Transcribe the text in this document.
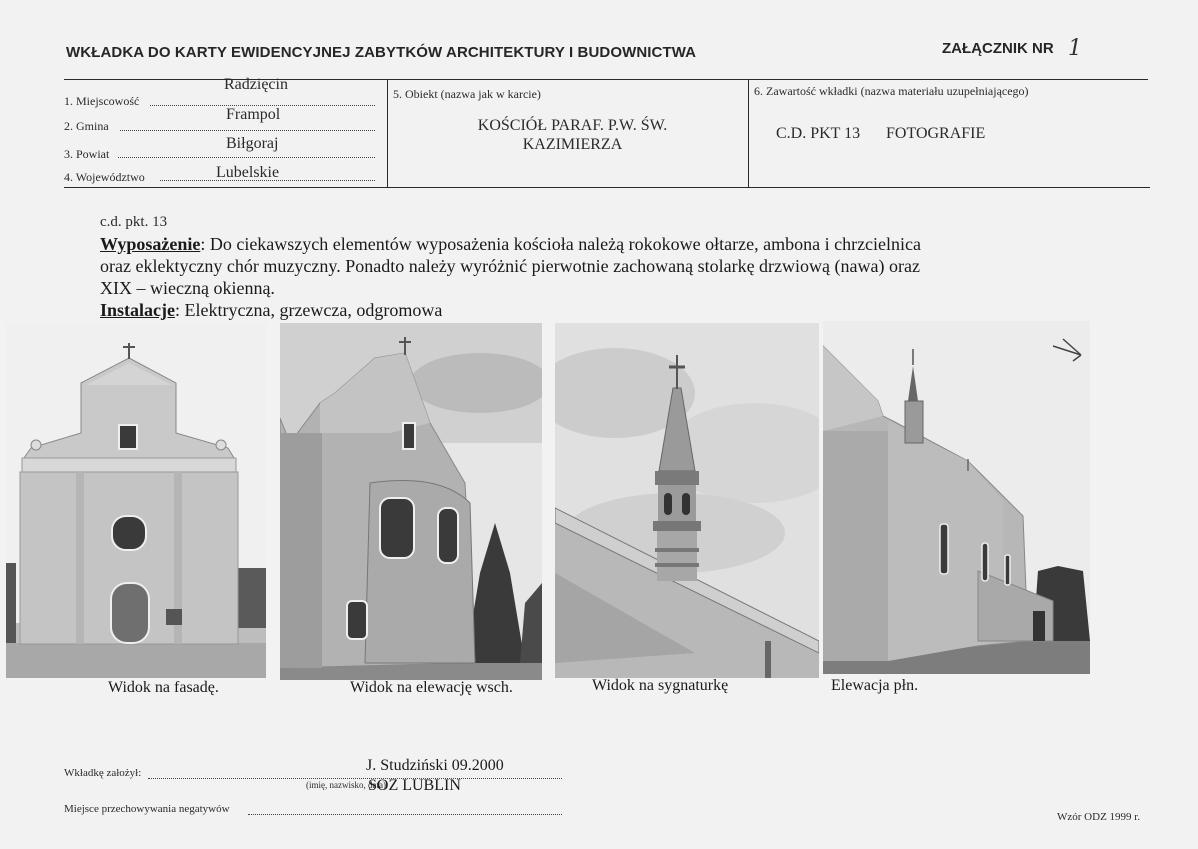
WKŁADKA DO KARTY EWIDENCYJNEJ ZABYTKÓW ARCHITEKTURY I BUDOWNICTWA	ZAŁĄCZNIK NR 1
1. Miejscowość
Radzięcin
2. Gmina
Frampol
3. Powiat
Biłgoraj
4. Województwo	Lubelskie
5. Obiekt (nazwa jak w karcie)
KOŚCIÓŁ PARAF. P.W. ŚW.
KAZIMIERZA
6. Zawartość wkładki (nazwa materiału uzupełniającego)
C.D. PKT 13 FOTOGRAFIE
c.d. pkt. 13
Wyposażenie: Do ciekawszych elementów wyposażenia kościoła należą rokokowe ołtarze, ambona i chrzcielnica
oraz eklektyczny chór muzyczny. Ponadto należy wyróżnić pierwotnie zachowaną stolarkę drzwiową (nawa) oraz
XIX – wieczną okienną.
Instalacje: Elektryczna, grzewcza, odgromowa
Widok na fasadę.	Widok na elewację wsch.	Widok na sygnaturkę	Elewacja płn.
Wkładkę założył:	J. Studziński 09.2000
(imię, nazwisko, data)
SOZ LUBLIN
Miejsce przechowywania negatywów
Wzór ODZ 1999 r.
